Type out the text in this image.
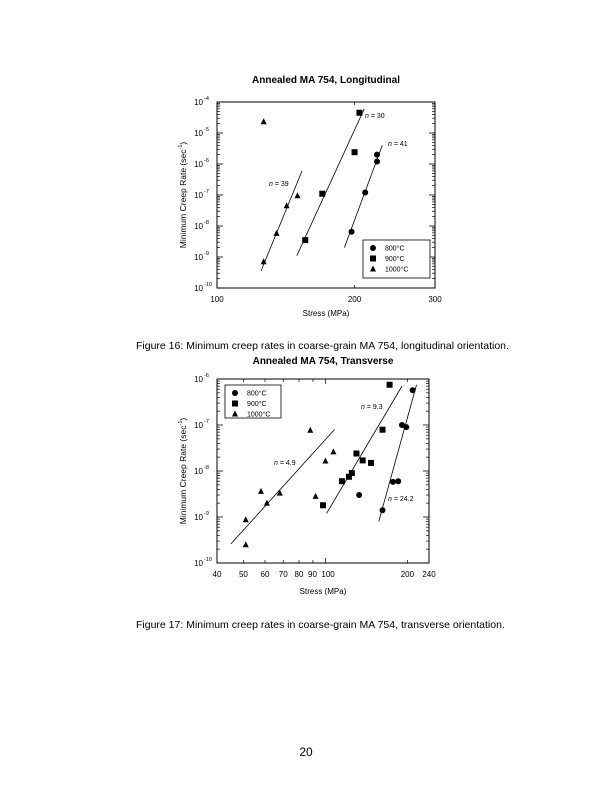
Annealed MA 754, Longitudinal
100	200	300
10-10
10-9
10-8
10-7
10-6
10-5
10-4
Stress (MPa)
Minimum Creep Rate $(\sec^{-1})$
n = 39
n = 30
n = 41
800°C
900°C
1000°C
Annealed MA 754, Transverse
40 50 60 70 80 90 100	200 240
10-10
10-9
10-8
10-7
10-6
Stress (MPa)
Minimum Creep Rate $(\sec^{-1})$
n = 4.9
n = 9.3
n = 24.2
800°C
900°C
1000°C
Figure 16: Minimum creep rates in coarse-grain MA 754, longitudinal orientation.
Figure 17: Minimum creep rates in coarse-grain MA 754, transverse orientation.
20
